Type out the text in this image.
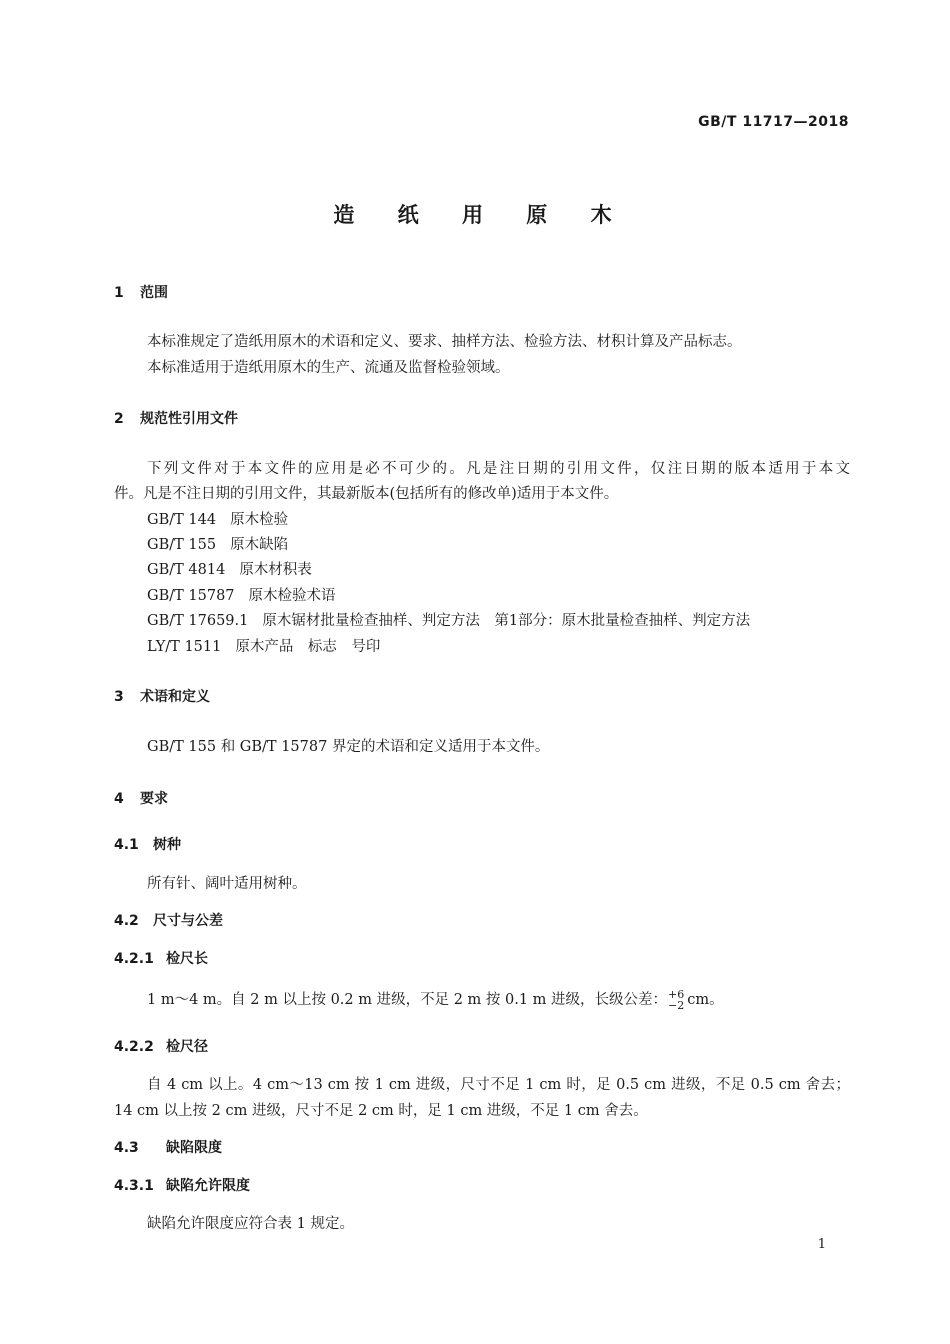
GB/T 11717—2018
造 纸 用 原 木
1 范围
本标准规定了造纸用原木的术语和定义、要求、抽样方法、检验方法、材积计算及产品标志。
本标准适用于造纸用原木的生产、流通及监督检验领域。
2 规范性引用文件
下列文件对于本文件的应用是必不可少的。凡是注日期的引用文件，仅注日期的版本适用于本文
件。凡是不注日期的引用文件，其最新版本(包括所有的修改单)适用于本文件。
GB/T 144 原木检验
GB/T 155 原木缺陷
GB/T 4814 原木材积表
GB/T 15787 原木检验术语
GB/T 17659.1 原木锯材批量检查抽样、判定方法　第1部分：原木批量检查抽样、判定方法
LY/T 1511 原木产品　标志　号印
3 术语和定义
GB/T 155 和 GB/T 15787 界定的术语和定义适用于本文件。
4 要求
4.1 树种
所有针、阔叶适用树种。
4.2 尺寸与公差
4.2.1 检尺长
1 m～4 m。自 2 m 以上按 0.2 m 进级，不足 2 m 按 0.1 m 进级，长级公差： +6
−2 cm。
4.2.2 检尺径
自 4 cm 以上。4 cm～13 cm 按 1 cm 进级，尺寸不足 1 cm 时，足 0.5 cm 进级，不足 0.5 cm 舍去；
14 cm 以上按 2 cm 进级，尺寸不足 2 cm 时，足 1 cm 进级，不足 1 cm 舍去。
4.3 缺陷限度
4.3.1 缺陷允许限度
缺陷允许限度应符合表 1 规定。
1
